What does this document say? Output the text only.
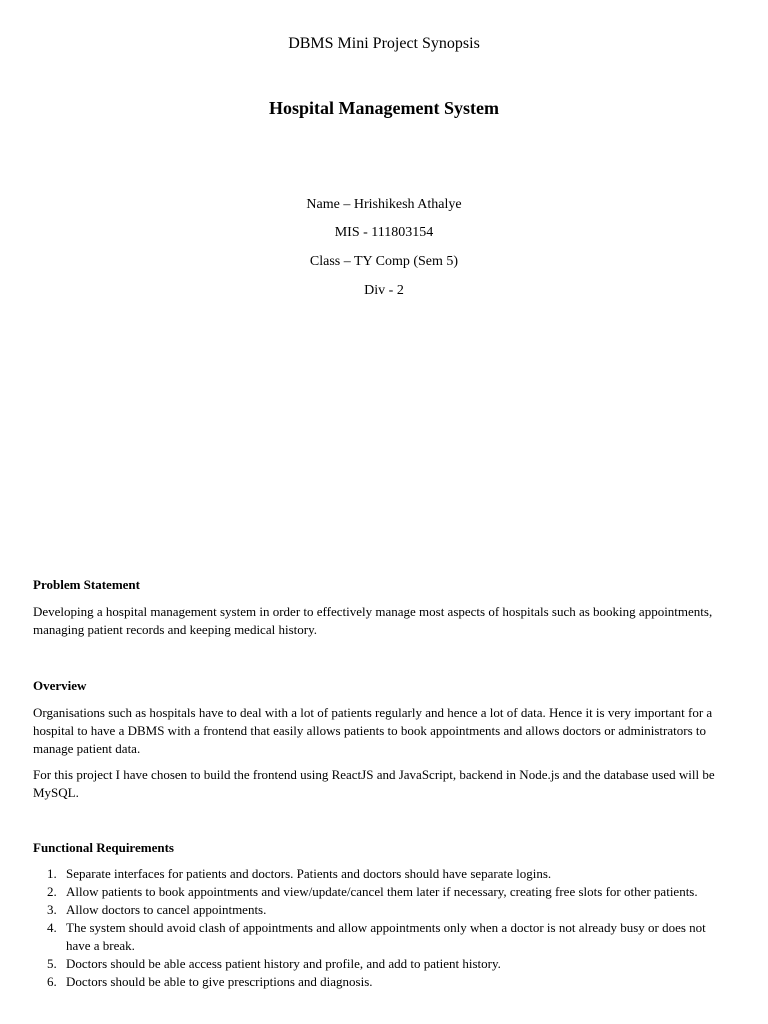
DBMS Mini Project Synopsis
Hospital Management System
Name – Hrishikesh Athalye
MIS - 111803154
Class – TY Comp (Sem 5)
Div - 2
Problem Statement
Developing a hospital management system in order to effectively manage most aspects of hospitals such as booking appointments, managing patient records and keeping medical history.
Overview
Organisations such as hospitals have to deal with a lot of patients regularly and hence a lot of data. Hence it is very important for a hospital to have a DBMS with a frontend that easily allows patients to book appointments and allows doctors or administrators to manage patient data.
For this project I have chosen to build the frontend using ReactJS and JavaScript, backend in Node.js and the database used will be MySQL.
Functional Requirements
1. Separate interfaces for patients and doctors. Patients and doctors should have separate logins.
2. Allow patients to book appointments and view/update/cancel them later if necessary, creating free slots for other patients.
3. Allow doctors to cancel appointments.
4. The system should avoid clash of appointments and allow appointments only when a doctor is not already busy or does not have a break.
5. Doctors should be able access patient history and profile, and add to patient history.
6. Doctors should be able to give prescriptions and diagnosis.
